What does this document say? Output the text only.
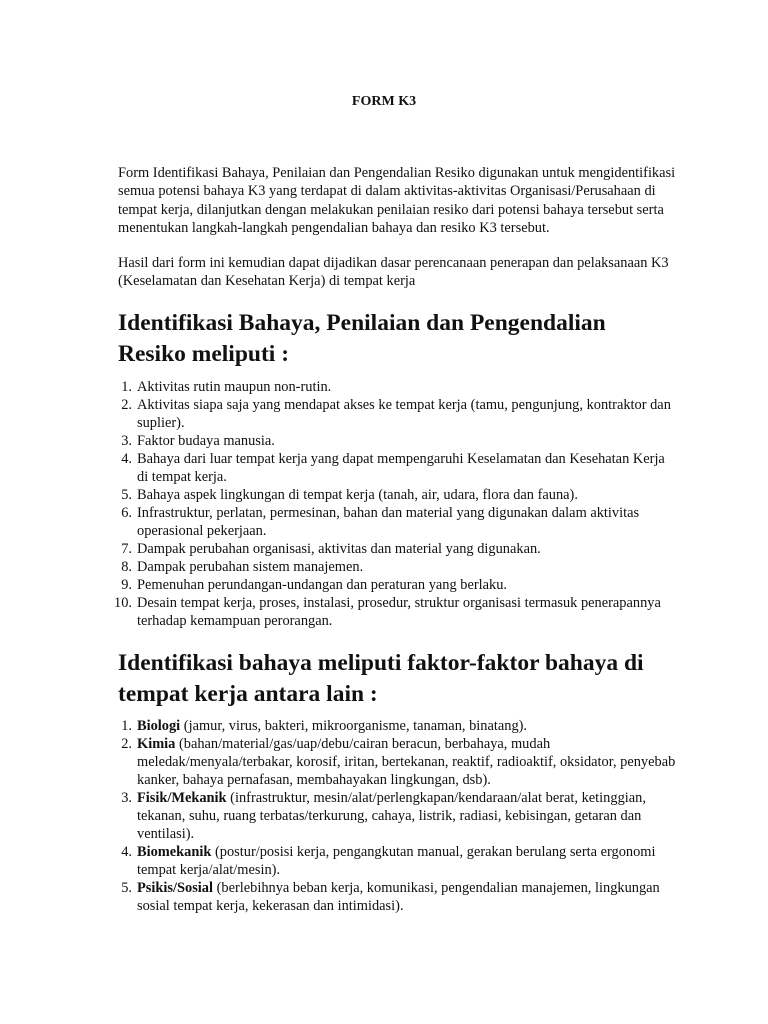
FORM K3

Form Identifikasi Bahaya, Penilaian dan Pengendalian Resiko digunakan untuk mengidentifikasi semua potensi bahaya K3 yang terdapat di dalam aktivitas-aktivitas Organisasi/Perusahaan di tempat kerja, dilanjutkan dengan melakukan penilaian resiko dari potensi bahaya tersebut serta menentukan langkah-langkah pengendalian bahaya dan resiko K3 tersebut.

Hasil dari form ini kemudian dapat dijadikan dasar perencanaan penerapan dan pelaksanaan K3 (Keselamatan dan Kesehatan Kerja) di tempat kerja

Identifikasi Bahaya, Penilaian dan Pengendalian Resiko meliputi :
1. Aktivitas rutin maupun non-rutin.
2. Aktivitas siapa saja yang mendapat akses ke tempat kerja (tamu, pengunjung, kontraktor dan suplier).
3. Faktor budaya manusia.
4. Bahaya dari luar tempat kerja yang dapat mempengaruhi Keselamatan dan Kesehatan Kerja di tempat kerja.
5. Bahaya aspek lingkungan di tempat kerja (tanah, air, udara, flora dan fauna).
6. Infrastruktur, perlatan, permesinan, bahan dan material yang digunakan dalam aktivitas operasional pekerjaan.
7. Dampak perubahan organisasi, aktivitas dan material yang digunakan.
8. Dampak perubahan sistem manajemen.
9. Pemenuhan perundangan-undangan dan peraturan yang berlaku.
10. Desain tempat kerja, proses, instalasi, prosedur, struktur organisasi termasuk penerapannya terhadap kemampuan perorangan.
Identifikasi bahaya meliputi faktor-faktor bahaya di tempat kerja antara lain :
1. Biologi (jamur, virus, bakteri, mikroorganisme, tanaman, binatang).
2. Kimia (bahan/material/gas/uap/debu/cairan beracun, berbahaya, mudah meledak/menyala/terbakar, korosif, iritan, bertekanan, reaktif, radioaktif, oksidator, penyebab kanker, bahaya pernafasan, membahayakan lingkungan, dsb).
3. Fisik/Mekanik (infrastruktur, mesin/alat/perlengkapan/kendaraan/alat berat, ketinggian, tekanan, suhu, ruang terbatas/terkurung, cahaya, listrik, radiasi, kebisingan, getaran dan ventilasi).
4. Biomekanik (postur/posisi kerja, pengangkutan manual, gerakan berulang serta ergonomi tempat kerja/alat/mesin).
5. Psikis/Sosial (berlebihnya beban kerja, komunikasi, pengendalian manajemen, lingkungan sosial tempat kerja, kekerasan dan intimidasi).
